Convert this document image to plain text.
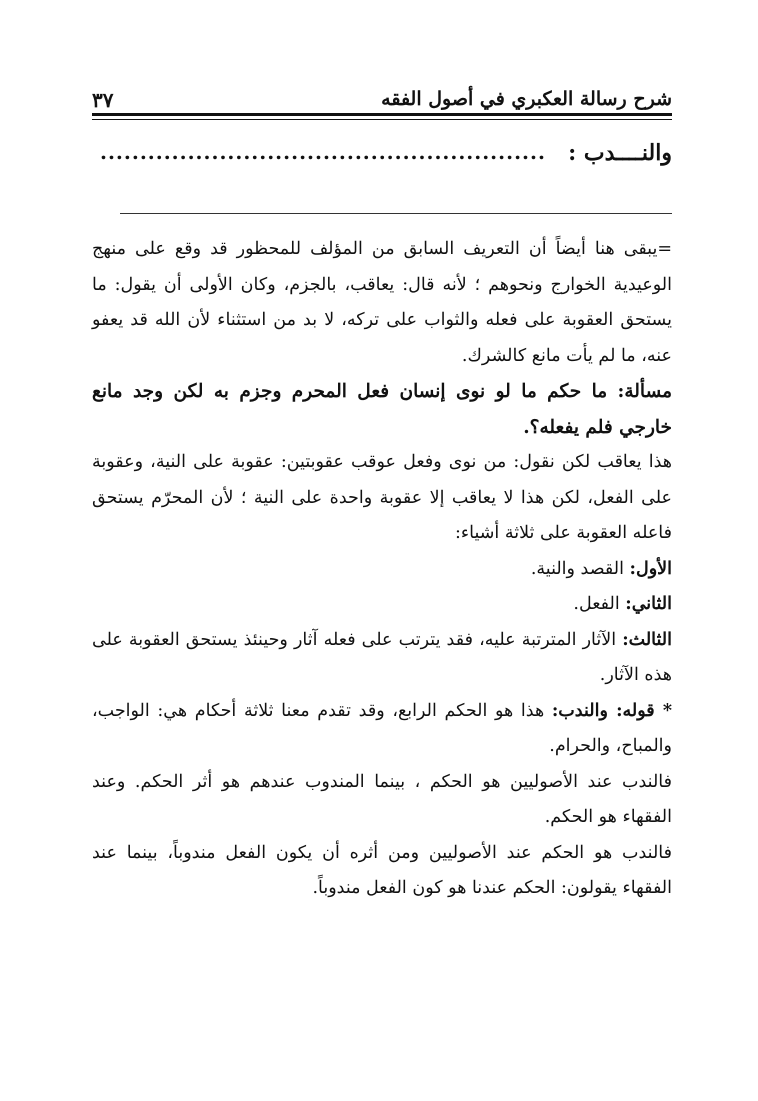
شرح رسالة العكبري في أصول الفقه
٣٧
والنــــدب :
........................................................

=يبقى هنا أيضاً أن التعريف السابق من المؤلف للمحظور قد وقع على منهج الوعيدية الخوارج ونحوهم ؛ لأنه قال: يعاقب، بالجزم، وكان الأولى أن يقول: ما يستحق العقوبة على فعله والثواب على تركه، لا بد من استثناء لأن الله قد يعفو عنه، ما لم يأت مانع كالشرك.

مسألة: ما حكم ما لو نوى إنسان فعل المحرم وجزم به لكن وجد مانع خارجي فلم يفعله؟.

هذا يعاقب لكن نقول: من نوى وفعل عوقب عقوبتين: عقوبة على النية، وعقوبة على الفعل، لكن هذا لا يعاقب إلا عقوبة واحدة على النية ؛ لأن المحرّم يستحق فاعله العقوبة على ثلاثة أشياء:

الأول: القصد والنية.

الثاني: الفعل.

الثالث: الآثار المترتبة عليه، فقد يترتب على فعله آثار وحينئذ يستحق العقوبة على هذه الآثار.

* قوله: والندب: هذا هو الحكم الرابع، وقد تقدم معنا ثلاثة أحكام هي: الواجب، والمباح، والحرام.

فالندب عند الأصوليين هو الحكم ، بينما المندوب عندهم هو أثر الحكم. وعند الفقهاء هو الحكم.

فالندب هو الحكم عند الأصوليين ومن أثره أن يكون الفعل مندوباً، بينما عند الفقهاء يقولون: الحكم عندنا هو كون الفعل مندوباً.
